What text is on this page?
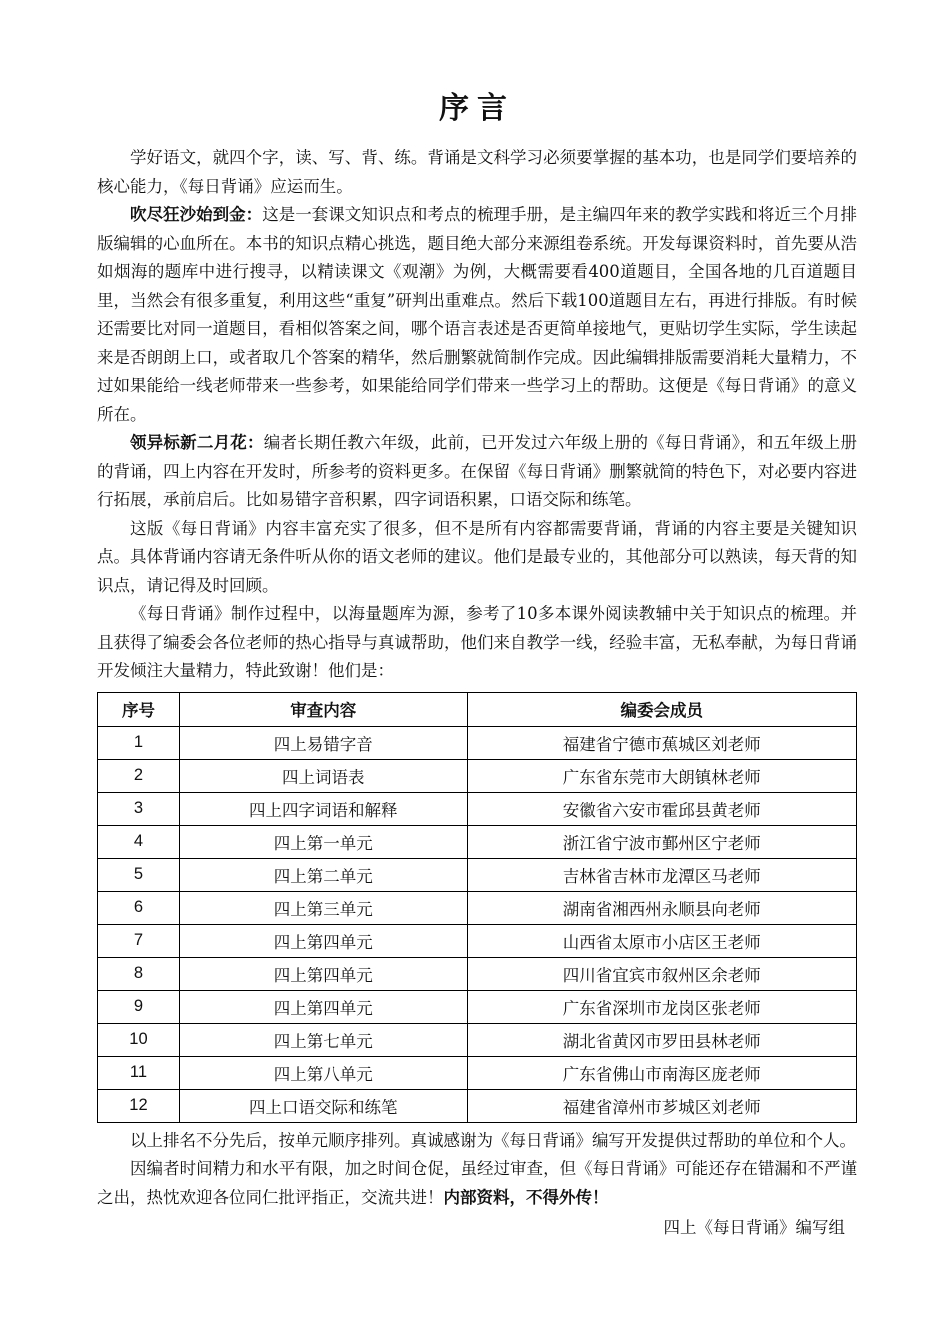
序言

学好语文，就四个字，读、写、背、练。背诵是文科学习必须要掌握的基本功，也是同学们要培养的核心能力，《每日背诵》应运而生。

吹尽狂沙始到金：这是一套课文知识点和考点的梳理手册，是主编四年来的教学实践和将近三个月排版编辑的心血所在。本书的知识点精心挑选，题目绝大部分来源组卷系统。开发每课资料时，首先要从浩如烟海的题库中进行搜寻，以精读课文《观潮》为例，大概需要看400道题目，全国各地的几百道题目里，当然会有很多重复，利用这些“重复”研判出重难点。然后下载100道题目左右，再进行排版。有时候还需要比对同一道题目，看相似答案之间，哪个语言表述是否更简单接地气，更贴切学生实际，学生读起来是否朗朗上口，或者取几个答案的精华，然后删繁就简制作完成。因此编辑排版需要消耗大量精力，不过如果能给一线老师带来一些参考，如果能给同学们带来一些学习上的帮助。这便是《每日背诵》的意义所在。

领异标新二月花：编者长期任教六年级，此前，已开发过六年级上册的《每日背诵》，和五年级上册的背诵，四上内容在开发时，所参考的资料更多。在保留《每日背诵》删繁就简的特色下，对必要内容进行拓展，承前启后。比如易错字音积累，四字词语积累，口语交际和练笔。

这版《每日背诵》内容丰富充实了很多，但不是所有内容都需要背诵，背诵的内容主要是关键知识点。具体背诵内容请无条件听从你的语文老师的建议。他们是最专业的，其他部分可以熟读，每天背的知识点，请记得及时回顾。

《每日背诵》制作过程中，以海量题库为源，参考了10多本课外阅读教辅中关于知识点的梳理。并且获得了编委会各位老师的热心指导与真诚帮助，他们来自教学一线，经验丰富，无私奉献，为每日背诵开发倾注大量精力，特此致谢！他们是：

序号	审查内容	编委会成员
1	四上易错字音	福建省宁德市蕉城区刘老师
2	四上词语表	广东省东莞市大朗镇林老师
3	四上四字词语和解释	安徽省六安市霍邱县黄老师
4	四上第一单元	浙江省宁波市鄞州区宁老师
5	四上第二单元	吉林省吉林市龙潭区马老师
6	四上第三单元	湖南省湘西州永顺县向老师
7	四上第四单元	山西省太原市小店区王老师
8	四上第四单元	四川省宜宾市叙州区余老师
9	四上第四单元	广东省深圳市龙岗区张老师
10	四上第七单元	湖北省黄冈市罗田县林老师
11	四上第八单元	广东省佛山市南海区庞老师
12	四上口语交际和练笔	福建省漳州市芗城区刘老师

以上排名不分先后，按单元顺序排列。真诚感谢为《每日背诵》编写开发提供过帮助的单位和个人。

因编者时间精力和水平有限，加之时间仓促，虽经过审查，但《每日背诵》可能还存在错漏和不严谨之出，热忱欢迎各位同仁批评指正，交流共进！内部资料，不得外传！

四上《每日背诵》编写组
